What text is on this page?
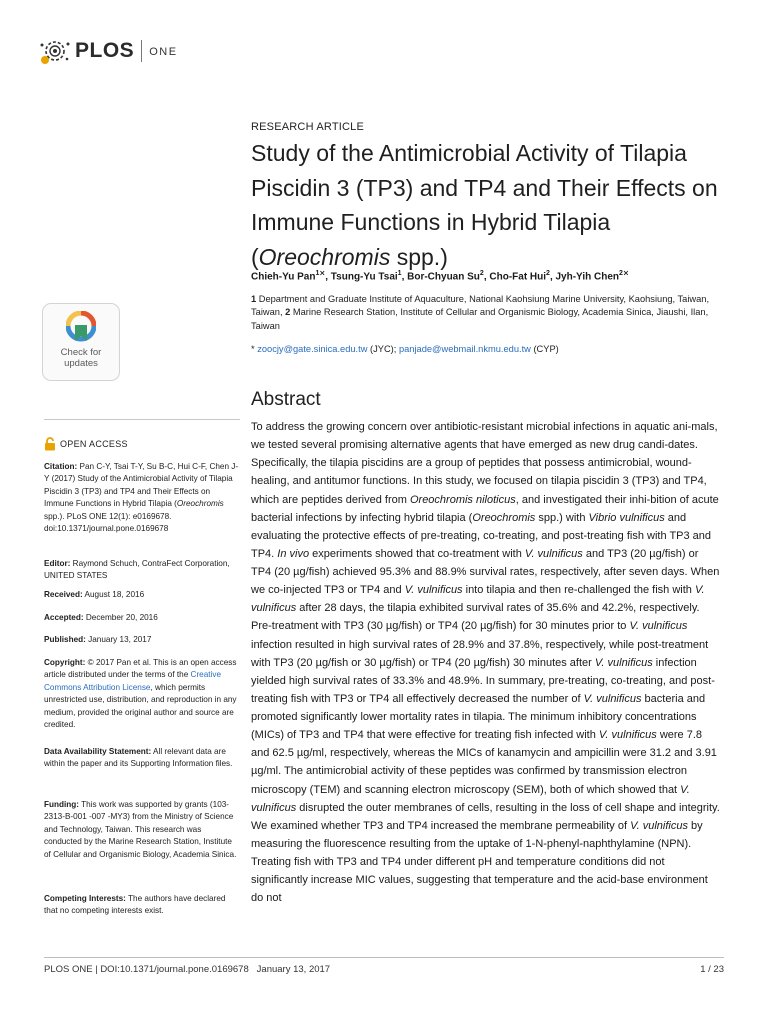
PLOS ONE
RESEARCH ARTICLE
Study of the Antimicrobial Activity of Tilapia
Piscidin 3 (TP3) and TP4 and Their Effects on
Immune Functions in Hybrid Tilapia
(Oreochromis spp.)
Chieh-Yu Pan$^{1⨯}$, Tsung-Yu Tsai$^1$, Bor-Chyuan Su$^2$, Cho-Fat Hui$^2$, Jyh-Yih Chen$^{2⨯}$
1 Department and Graduate Institute of Aquaculture, National Kaohsiung Marine University, Kaohsiung, Taiwan, Taiwan, 2 Marine Research Station, Institute of Cellular and Organismic Biology, Academia Sinica, Jiaushi, Ilan, Taiwan
* zoocjy@gate.sinica.edu.tw (JYC); panjade@webmail.nkmu.edu.tw (CYP)
Check for
updates
Abstract
OPEN ACCESS
Citation: Pan C-Y, Tsai T-Y, Su B-C, Hui C-F, Chen J-Y (2017) Study of the Antimicrobial Activity of Tilapia Piscidin 3 (TP3) and TP4 and Their Effects on Immune Functions in Hybrid Tilapia (Oreochromis spp.). PLoS ONE 12(1): e0169678. doi:10.1371/journal.pone.0169678
Editor: Raymond Schuch, ContraFect Corporation, UNITED STATES
Received: August 18, 2016
Accepted: December 20, 2016
Published: January 13, 2017
Copyright: © 2017 Pan et al. This is an open access article distributed under the terms of the Creative Commons Attribution License, which permits unrestricted use, distribution, and reproduction in any medium, provided the original author and source are credited.
Data Availability Statement: All relevant data are within the paper and its Supporting Information files.
Funding: This work was supported by grants (103-2313-B-001 -007 -MY3) from the Ministry of Science and Technology, Taiwan. This research was conducted by the Marine Research Station, Institute of Cellular and Organismic Biology, Academia Sinica.
Competing Interests: The authors have declared that no competing interests exist.

To address the growing concern over antibiotic-resistant microbial infections in aquatic ani-mals, we tested several promising alternative agents that have emerged as new drug candi-dates. Specifically, the tilapia piscidins are a group of peptides that possess antimicrobial, wound-healing, and antitumor functions. In this study, we focused on tilapia piscidin 3 (TP3) and TP4, which are peptides derived from Oreochromis niloticus, and investigated their inhi-bition of acute bacterial infections by infecting hybrid tilapia (Oreochromis spp.) with Vibrio vulnificus and evaluating the protective effects of pre-treating, co-treating, and post-treating fish with TP3 and TP4. In vivo experiments showed that co-treatment with V. vulnificus and TP3 (20 µg/fish) or TP4 (20 µg/fish) achieved 95.3% and 88.9% survival rates, respectively, after seven days. When we co-injected TP3 or TP4 and V. vulnificus into tilapia and then re-challenged the fish with V. vulnificus after 28 days, the tilapia exhibited survival rates of 35.6% and 42.2%, respectively. Pre-treatment with TP3 (30 µg/fish) or TP4 (20 µg/fish) for 30 minutes prior to V. vulnificus infection resulted in high survival rates of 28.9% and 37.8%, respectively, while post-treatment with TP3 (20 µg/fish or 30 µg/fish) or TP4 (20 µg/fish) 30 minutes after V. vulnificus infection yielded high survival rates of 33.3% and 48.9%. In summary, pre-treating, co-treating, and post-treating fish with TP3 or TP4 all effectively decreased the number of V. vulnificus bacteria and promoted significantly lower mortality rates in tilapia. The minimum inhibitory concentrations (MICs) of TP3 and TP4 that were effective for treating fish infected with V. vulnificus were 7.8 and 62.5 µg/ml, respectively, whereas the MICs of kanamycin and ampicillin were 31.2 and 3.91 µg/ml. The antimicrobial activity of these peptides was confirmed by transmission electron microscopy (TEM) and scanning electron microscopy (SEM), both of which showed that V. vulnificus disrupted the outer membranes of cells, resulting in the loss of cell shape and integrity. We examined whether TP3 and TP4 increased the membrane permeability of V. vulnificus by measuring the fluorescence resulting from the uptake of 1-N-phenyl-naphthylamine (NPN). Treating fish with TP3 and TP4 under different pH and temperature conditions did not significantly increase MIC values, suggesting that temperature and the acid-base environment do not

PLOS ONE | DOI:10.1371/journal.pone.0169678   January 13, 2017	1 / 23
